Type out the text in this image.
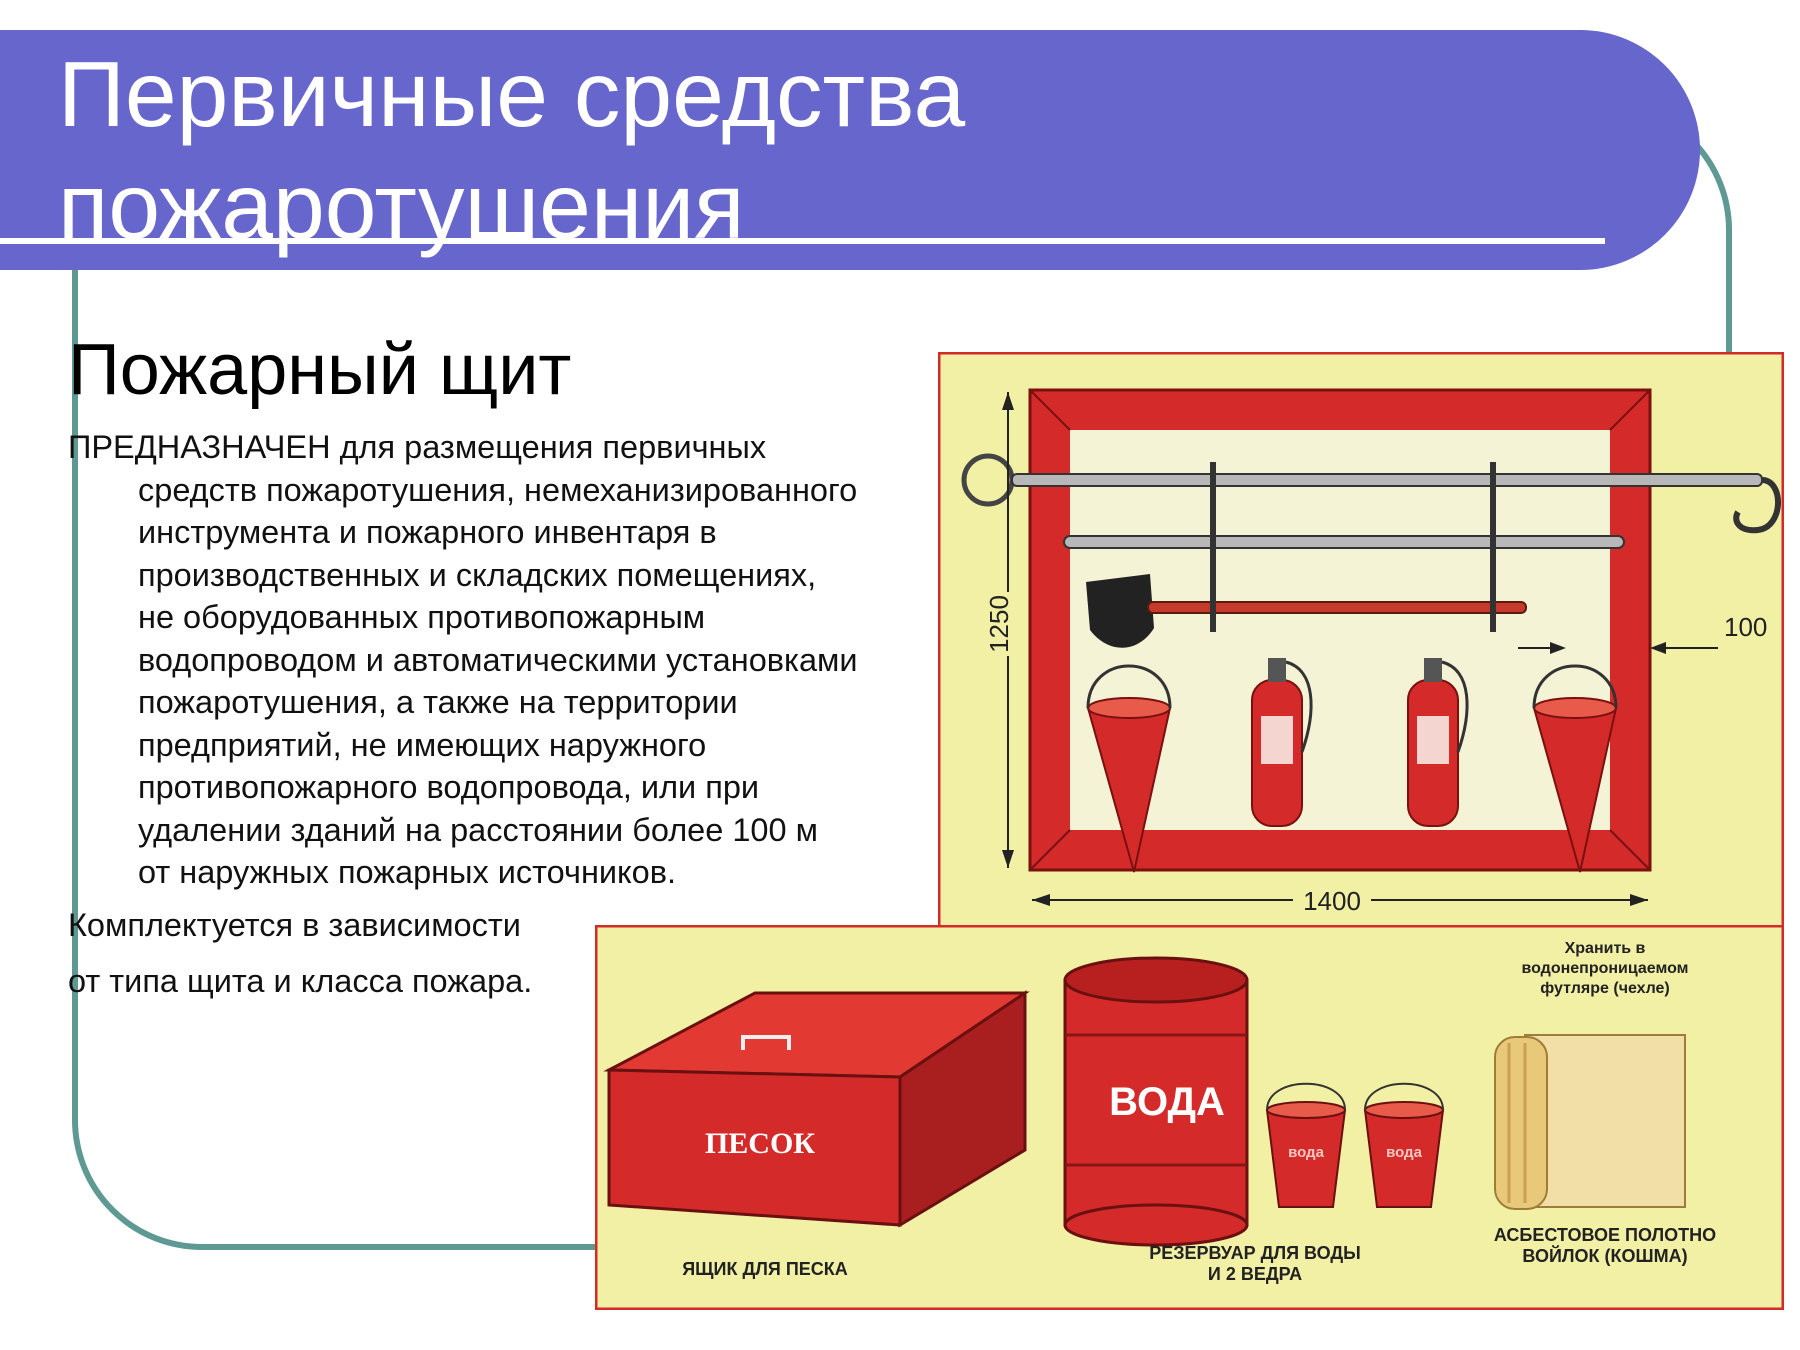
Первичные средства
пожаротушения
Пожарный щит

ПРЕДНАЗНАЧЕН для размещения первичных средств пожаротушения, немеханизированного инструмента и пожарного инвентаря в производственных и складских помещениях, не оборудованных противопожарным водопроводом и автоматическими установками пожаротушения, а также на территории предприятий, не имеющих наружного противопожарного водопровода, или при удалении зданий на расстоянии более 100 м от наружных пожарных источников.

Комплектуется в зависимости

от типа щита и класса пожара.

1250
1400
100
ПЕСОК
ЯЩИК ДЛЯ ПЕСКА
ВОДА
вода	вода
РЕЗЕРВУАР ДЛЯ ВОДЫ
И 2 ВЕДРА
Хранить в
водонепроницаемом
футляре (чехле)
АСБЕСТОВОЕ ПОЛОТНО
ВОЙЛОК (КОШМА)
